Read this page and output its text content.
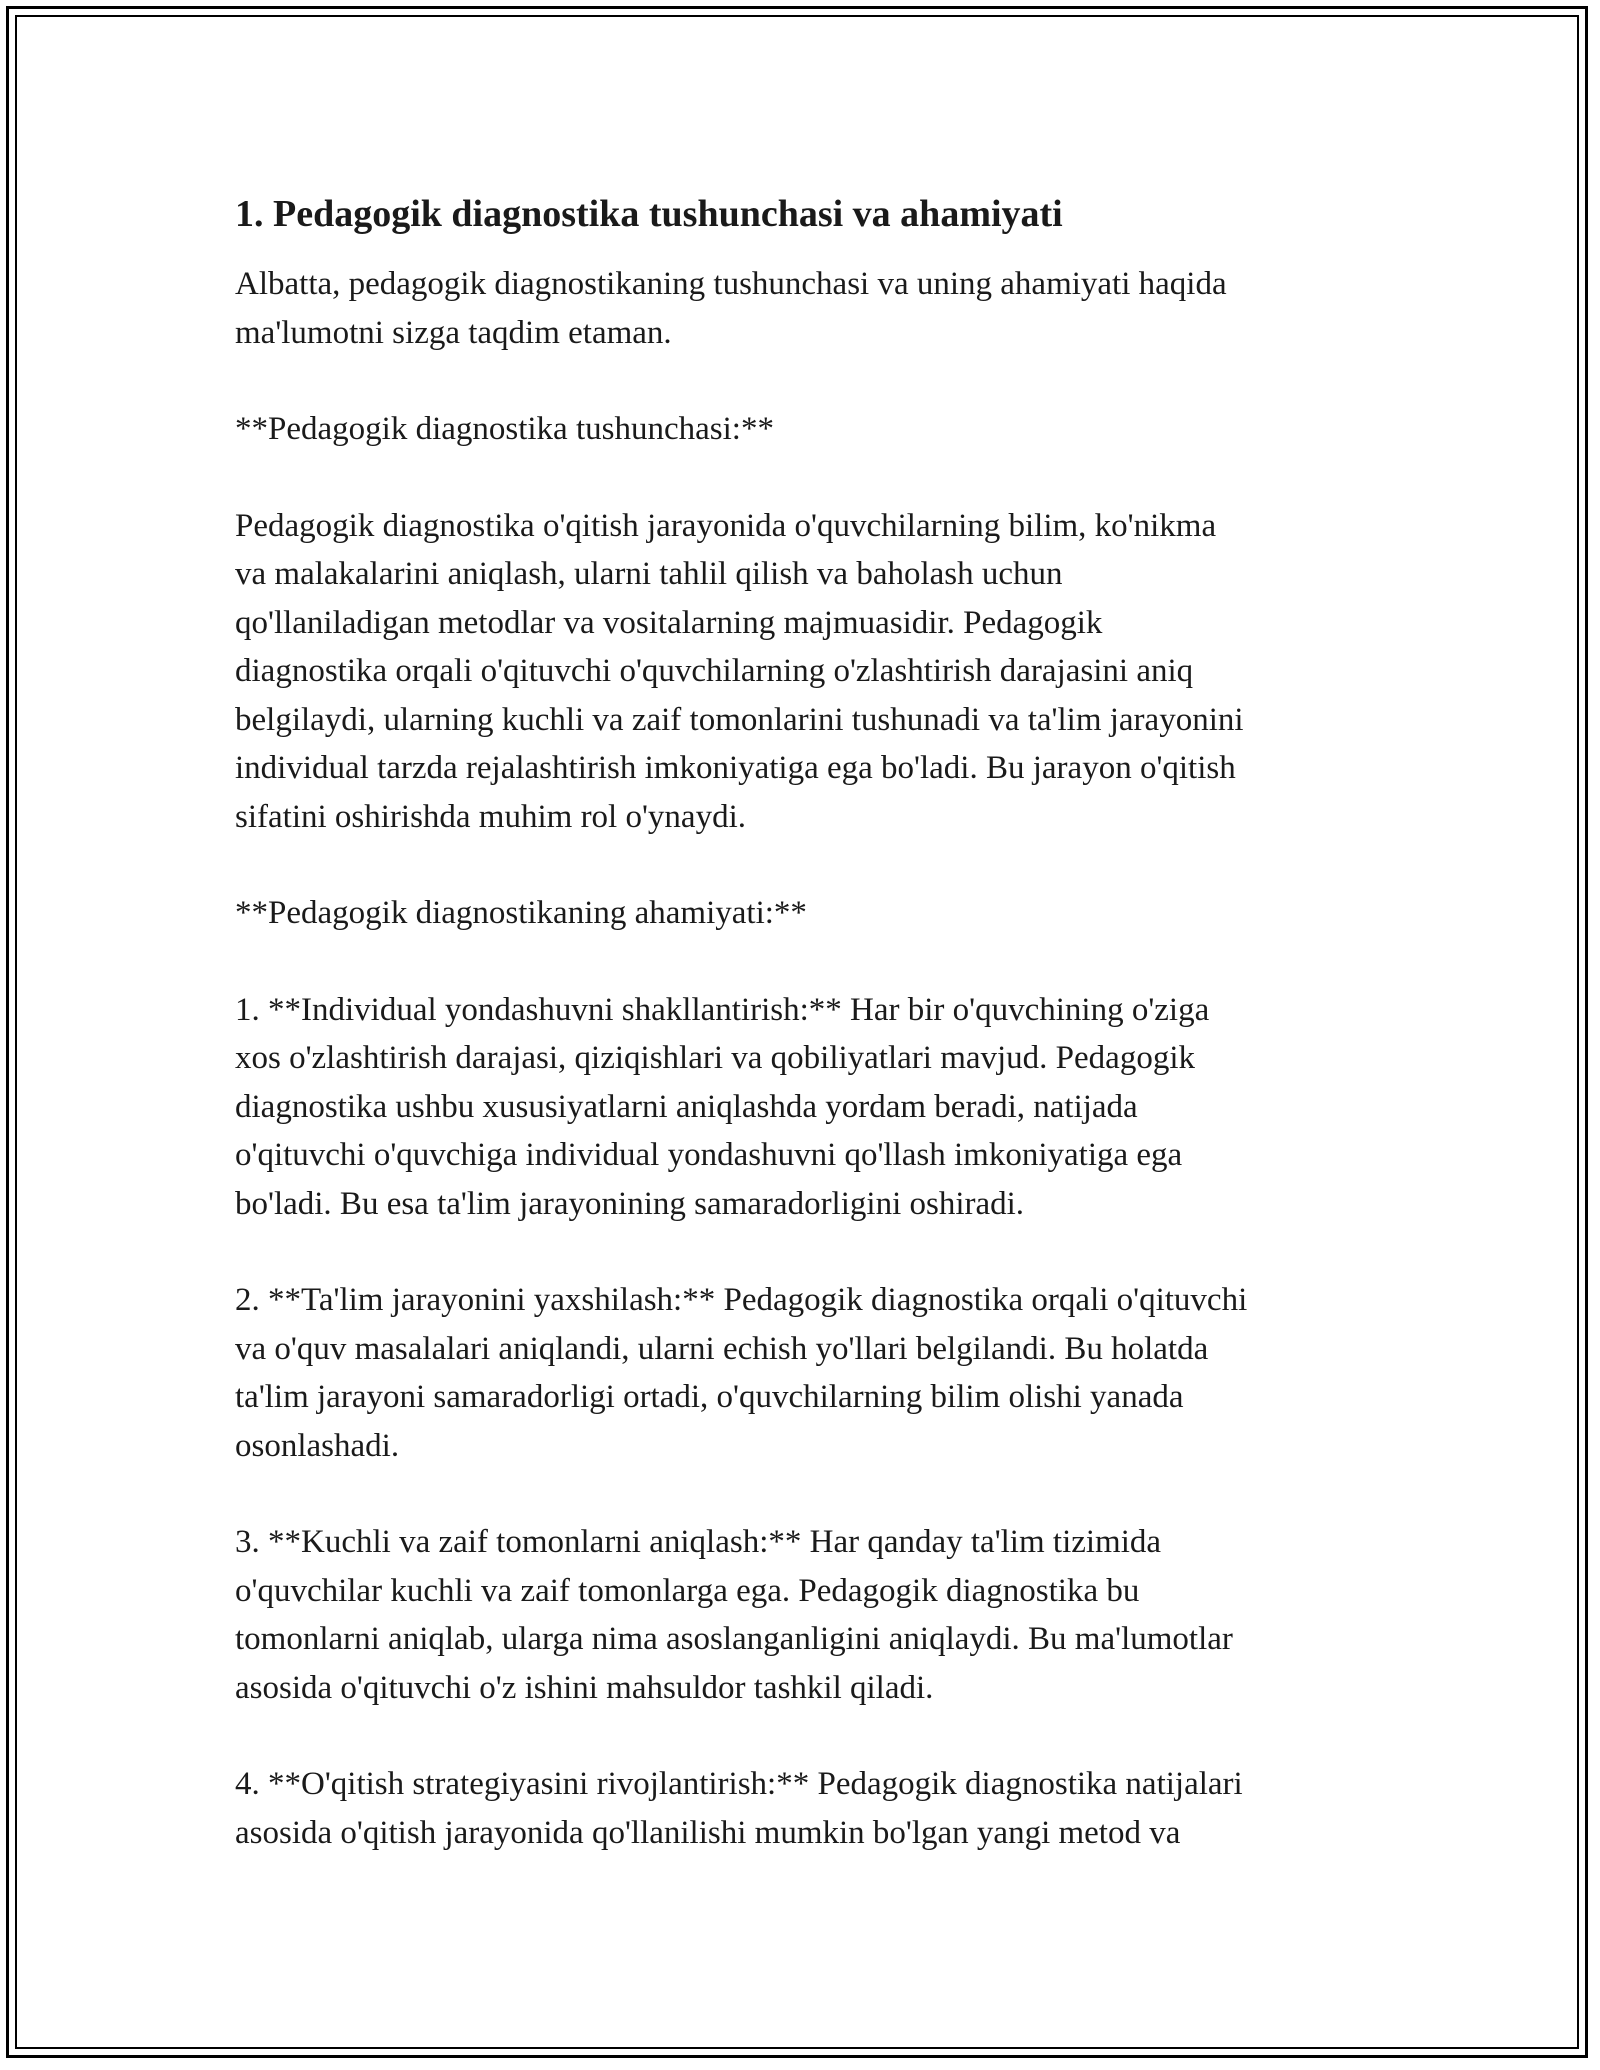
1. Pedagogik diagnostika tushunchasi va ahamiyati

Albatta, pedagogik diagnostikaning tushunchasi va uning ahamiyati haqida
ma'lumotni sizga taqdim etaman.

**Pedagogik diagnostika tushunchasi:**

Pedagogik diagnostika o'qitish jarayonida o'quvchilarning bilim, ko'nikma
va malakalarini aniqlash, ularni tahlil qilish va baholash uchun
qo'llaniladigan metodlar va vositalarning majmuasidir. Pedagogik
diagnostika orqali o'qituvchi o'quvchilarning o'zlashtirish darajasini aniq
belgilaydi, ularning kuchli va zaif tomonlarini tushunadi va ta'lim jarayonini
individual tarzda rejalashtirish imkoniyatiga ega bo'ladi. Bu jarayon o'qitish
sifatini oshirishda muhim rol o'ynaydi.

**Pedagogik diagnostikaning ahamiyati:**

1. **Individual yondashuvni shakllantirish:** Har bir o'quvchining o'ziga
xos o'zlashtirish darajasi, qiziqishlari va qobiliyatlari mavjud. Pedagogik
diagnostika ushbu xususiyatlarni aniqlashda yordam beradi, natijada
o'qituvchi o'quvchiga individual yondashuvni qo'llash imkoniyatiga ega
bo'ladi. Bu esa ta'lim jarayonining samaradorligini oshiradi.

2. **Ta'lim jarayonini yaxshilash:** Pedagogik diagnostika orqali o'qituvchi
va o'quv masalalari aniqlandi, ularni echish yo'llari belgilandi. Bu holatda
ta'lim jarayoni samaradorligi ortadi, o'quvchilarning bilim olishi yanada
osonlashadi.

3. **Kuchli va zaif tomonlarni aniqlash:** Har qanday ta'lim tizimida
o'quvchilar kuchli va zaif tomonlarga ega. Pedagogik diagnostika bu
tomonlarni aniqlab, ularga nima asoslanganligini aniqlaydi. Bu ma'lumotlar
asosida o'qituvchi o'z ishini mahsuldor tashkil qiladi.

4. **O'qitish strategiyasini rivojlantirish:** Pedagogik diagnostika natijalari
asosida o'qitish jarayonida qo'llanilishi mumkin bo'lgan yangi metod va
